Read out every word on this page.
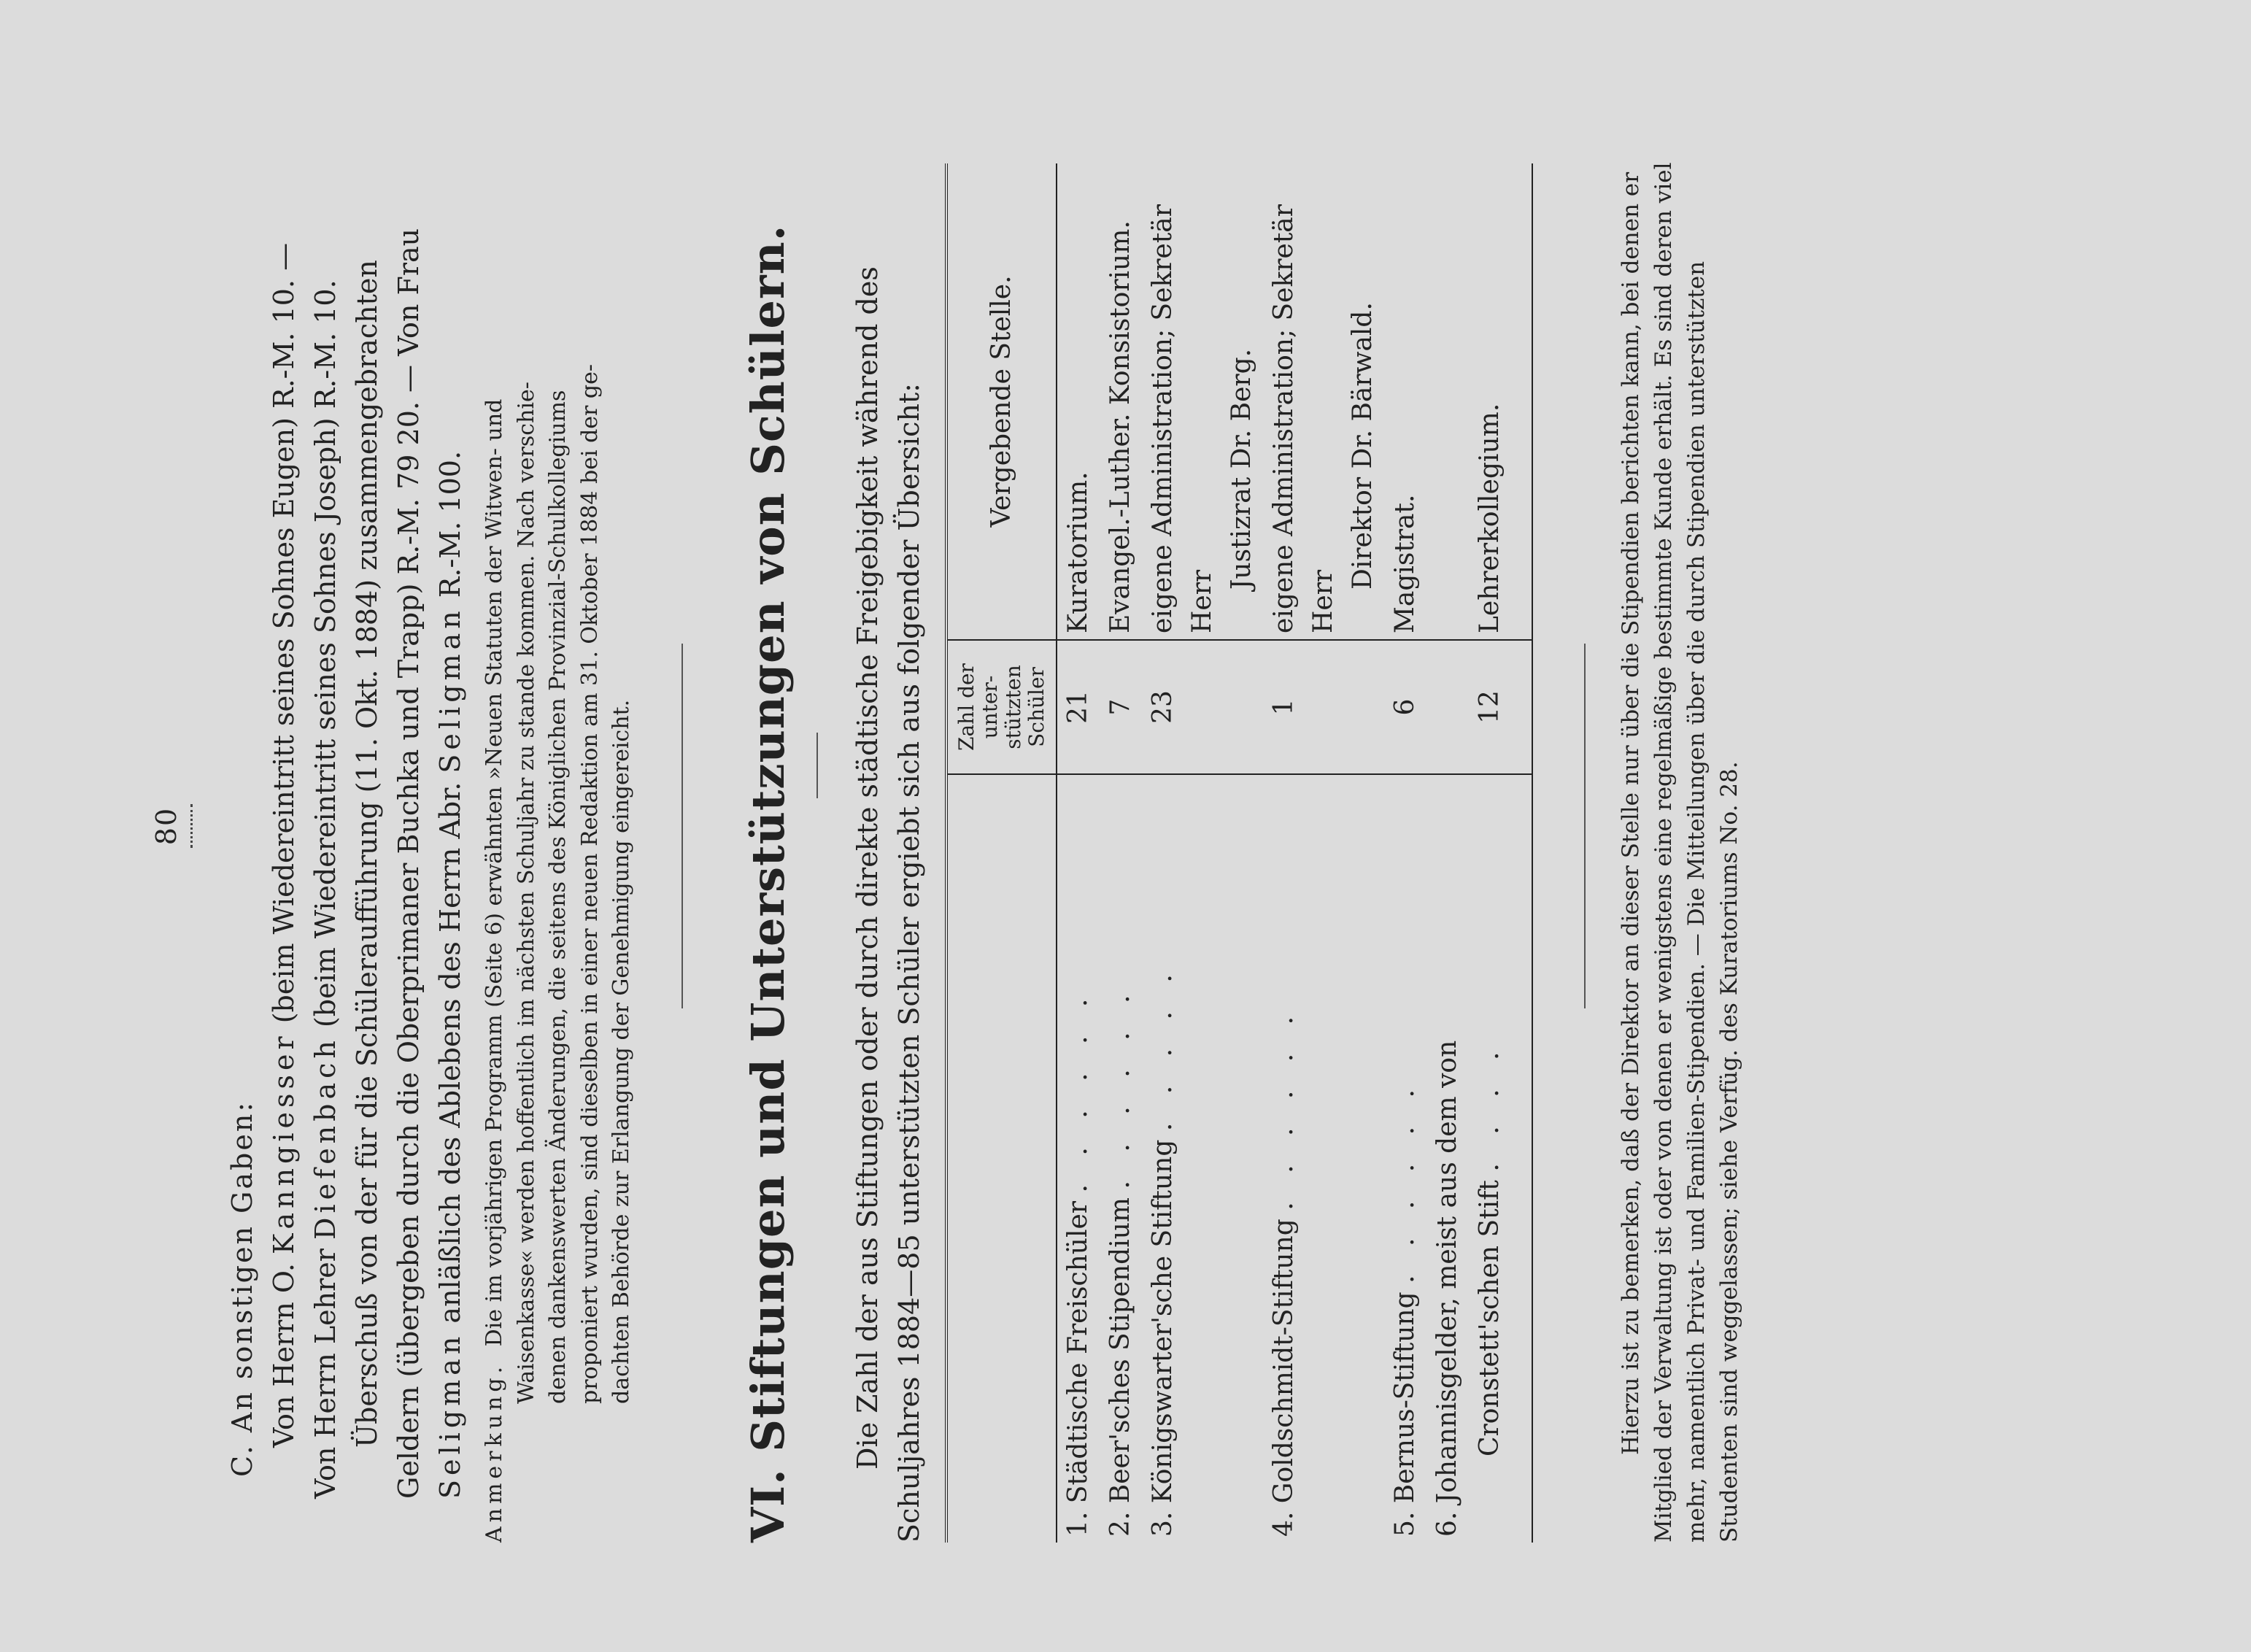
80
C. An sonstigen Gaben: Von Herrn O. Kanngiesser (beim Wiedereintritt seines Sohnes Eugen) R.-M. 10. —
Von Herrn Lehrer Diefenbach (beim Wiedereintritt seines Sohnes Joseph) R.-M. 10. Überschuß von der für die Schüleraufführung (11. Okt. 1884) zusammengebrachten Geldern (übergeben durch die Oberprimaner Buchka und Trapp) R.-M. 79 20. — Von Frau Seligman anläßlich des Ablebens des Herrn Abr. Seligman R.-M. 100.
Anmerkung. Die im vorjährigen Programm (Seite 6) erwähnten »Neuen Statuten der Witwen- und Waisenkasse« werden hoffentlich im nächsten Schuljahr zu stande kommen. Nach verschie- denen dankenswerten Änderungen, die seitens des Königlichen Provinzial-Schulkollegiums proponiert wurden, sind dieselben in einer neuen Redaktion am 31. Oktober 1884 bei der ge- dachten Behörde zur Erlangung der Genehmigung eingereicht. VI. Stiftungen und Unterstützungen von Schülern. Die Zahl der aus Stiftungen oder durch direkte städtische Freigebigkeit während des Schuljahres 1884—85 unterstützten Schüler ergiebt sich aus folgender Übersicht:

	Zahl der unter-stützten Schüler	Vergebende Stelle.
1. Städtische Freischüler . . . . . .	21	Kuratorium.
2. Beer'sches Stipendium . . . . . .	7	Evangel.-Luther. Konsistorium.
3. Königswarter'sche Stiftung . . . . .	23	eigene Administration; Sekretär Herr
Justizrat Dr. Berg.

4. Goldschmidt-Stiftung . . . . . .	1	eigene Administration; Sekretär Herr
Direktor Dr. Bärwald.

5. Bernus-Stiftung . . . . . .	6	Magistrat.
6. Johannisgelder, meist aus dem von		
Cronstett'schen Stift . . . .	12	Lehrerkollegium.	Hierzu ist zu bemerken, daß der Direktor an dieser Stelle nur über die Stipendien berichten kann, bei denen er Mitglied der Verwaltung ist oder von denen er wenigstens eine regelmäßige bestimmte Kunde erhält. Es sind deren viel mehr, namentlich Privat- und Familien-Stipendien. — Die Mitteilungen über die durch Stipendien unterstützten Studenten sind weggelassen; siehe Verfüg. des Kuratoriums No. 28.
